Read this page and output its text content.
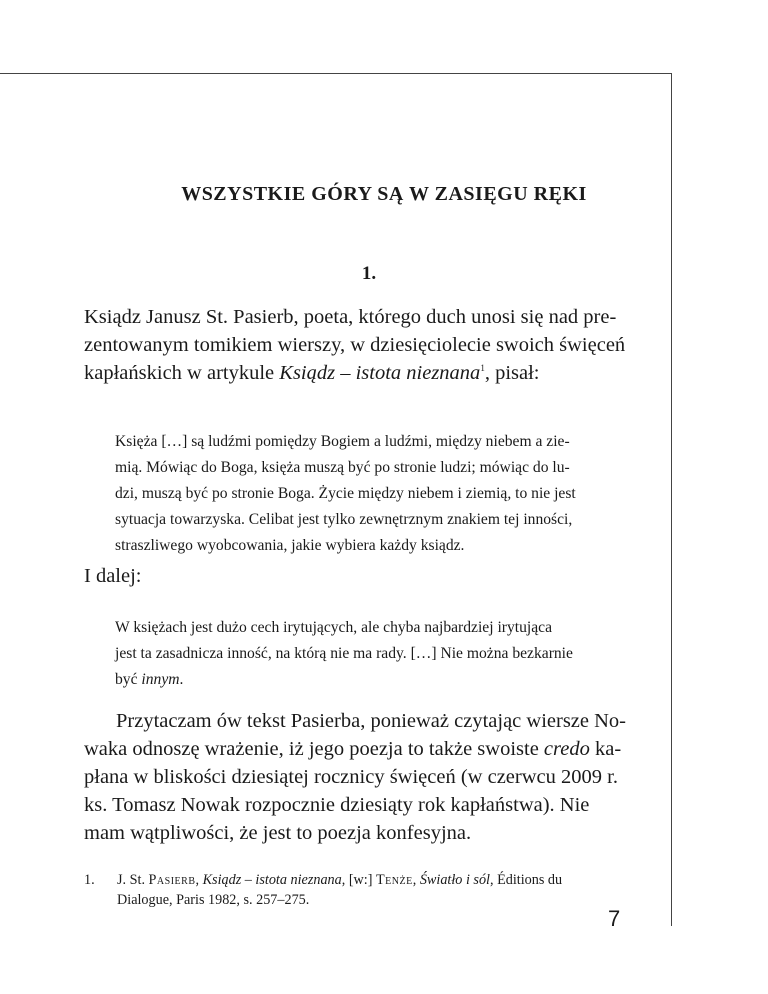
WSZYSTKIE GÓRY SĄ W ZASIĘGU RĘKI
1.
Ksiądz Janusz St. Pasierb, poeta, którego duch unosi się nad pre-
zentowanym tomikiem wierszy, w dziesięciolecie swoich święceń
kapłańskich w artykule Ksiądz – istota nieznana$^1$, pisał:
Księża […] są ludźmi pomiędzy Bogiem a ludźmi, między niebem a zie-
mią. Mówiąc do Boga, księża muszą być po stronie ludzi; mówiąc do lu-
dzi, muszą być po stronie Boga. Życie między niebem i ziemią, to nie jest
sytuacja towarzyska. Celibat jest tylko zewnętrznym znakiem tej inności,
straszliwego wyobcowania, jakie wybiera każdy ksiądz.
I dalej:
W księżach jest dużo cech irytujących, ale chyba najbardziej irytująca
jest ta zasadnicza inność, na którą nie ma rady. […] Nie można bezkarnie
być innym.
Przytaczam ów tekst Pasierba, ponieważ czytając wiersze No-
waka odnoszę wrażenie, iż jego poezja to także swoiste credo ka-
płana w bliskości dziesiątej rocznicy święceń (w czerwcu 2009 r.
ks. Tomasz Nowak rozpocznie dziesiąty rok kapłaństwa). Nie
mam wątpliwości, że jest to poezja konfesyjna.
1. J. St. Pasierb, Ksiądz – istota nieznana, [w:] Tenże, Światło i sól, Éditions du
Dialogue, Paris 1982, s. 257–275.
7
